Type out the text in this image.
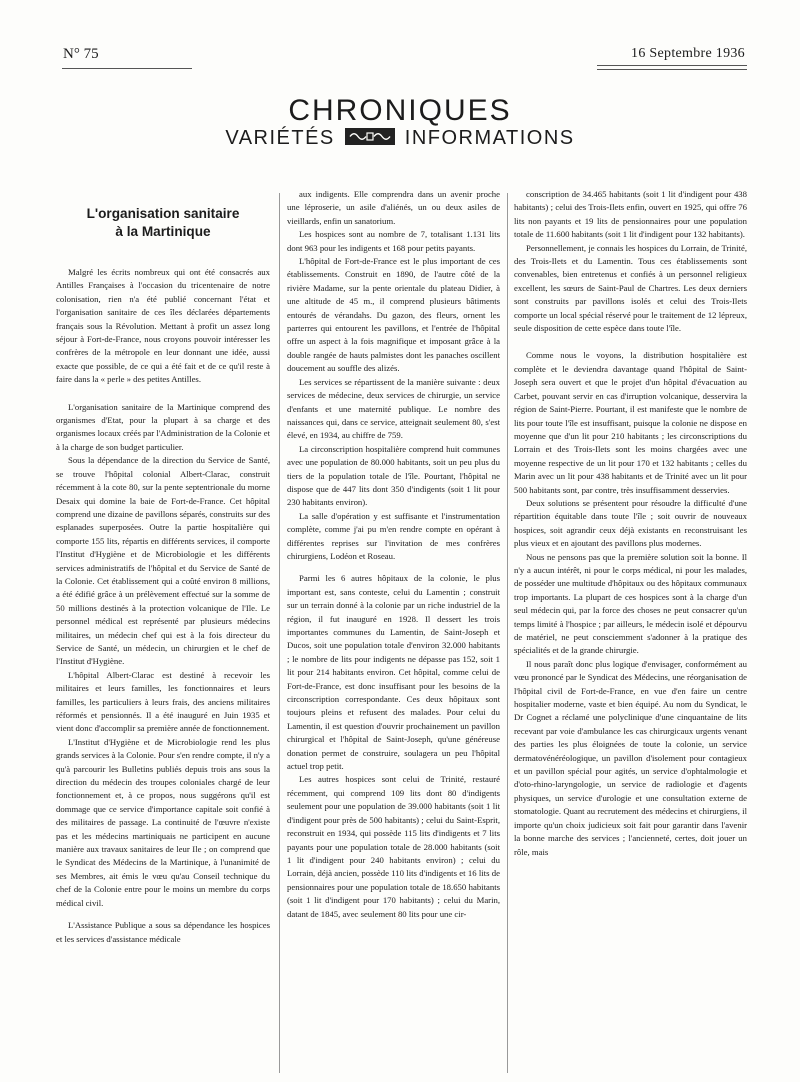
N° 75	16 Septembre 1936
CHRONIQUES
VARIÉTÉS	INFORMATIONS
L'organisation sanitaire
à la Martinique

Malgré les écrits nombreux qui ont été consacrés aux Antilles Françaises à l'occasion du tricentenaire de notre colonisation, rien n'a été publié concernant l'état et l'organisation sanitaire de ces îles déclarées départements français sous la Révolution. Mettant à profit un assez long séjour à Fort-de-France, nous croyons pouvoir intéresser les confrères de la métropole en leur donnant une idée, aussi exacte que possible, de ce qui a été fait et de ce qu'il reste à faire dans la « perle » des petites Antilles.

L'organisation sanitaire de la Martinique comprend des organismes d'Etat, pour la plupart à sa charge et des organismes locaux créés par l'Administration de la Colonie et à la charge de son budget particulier.

Sous la dépendance de la direction du Service de Santé, se trouve l'hôpital colonial Albert-Clarac, construit récemment à la cote 80, sur la pente septentrionale du morne Desaix qui domine la baie de Fort-de-France. Cet hôpital comprend une dizaine de pavillons séparés, construits sur des esplanades superposées. Outre la partie hospitalière qui comporte 155 lits, répartis en différents services, il comporte l'Institut d'Hygiène et de Microbiologie et les différents services administratifs de l'hôpital et du Service de Santé de la Colonie. Cet établissement qui a coûté environ 8 millions, a été édifié grâce à un prélèvement effectué sur la somme de 50 millions destinés à la protection volcanique de l'Ile. Le personnel médical est représenté par plusieurs médecins militaires, un médecin chef qui est à la fois directeur du Service de Santé, un médecin, un chirurgien et le chef de l'Institut d'Hygiène.

L'hôpital Albert-Clarac est destiné à recevoir les militaires et leurs familles, les fonctionnaires et leurs familles, les particuliers à leurs frais, des anciens militaires réformés et pensionnés. Il a été inauguré en Juin 1935 et vient donc d'accomplir sa première année de fonctionnement.

L'Institut d'Hygiène et de Microbiologie rend les plus grands services à la Colonie. Pour s'en rendre compte, il n'y a qu'à parcourir les Bulletins publiés depuis trois ans sous la direction du médecin des troupes coloniales chargé de leur fonctionnement et, à ce propos, nous suggérons qu'il est dommage que ce service d'importance capitale soit confié à des militaires de passage. La continuité de l'œuvre n'existe pas et les médecins martiniquais ne participent en aucune manière aux travaux sanitaires de leur Ile ; on comprend que le Syndicat des Médecins de la Martinique, à l'unanimité de ses Membres, ait émis le vœu qu'au Conseil technique du chef de la Colonie entre pour le moins un membre du corps médical civil.

L'Assistance Publique a sous sa dépendance les hospices et les services d'assistance médicale

aux indigents. Elle comprendra dans un avenir proche une léproserie, un asile d'aliénés, un ou deux asiles de vieillards, enfin un sanatorium.

Les hospices sont au nombre de 7, totalisant 1.131 lits dont 963 pour les indigents et 168 pour petits payants.

L'hôpital de Fort-de-France est le plus important de ces établissements. Construit en 1890, de l'autre côté de la rivière Madame, sur la pente orientale du plateau Didier, à une altitude de 45 m., il comprend plusieurs bâtiments entourés de vérandahs. Du gazon, des fleurs, ornent les parterres qui entourent les pavillons, et l'entrée de l'hôpital offre un aspect à la fois magnifique et imposant grâce à la double rangée de hauts palmistes dont les panaches oscillent doucement au souffle des alizés.

Les services se répartissent de la manière suivante : deux services de médecine, deux services de chirurgie, un service d'enfants et une maternité publique. Le nombre des naissances qui, dans ce service, atteignait seulement 80, s'est élevé, en 1934, au chiffre de 759.

La circonscription hospitalière comprend huit communes avec une population de 80.000 habitants, soit un peu plus du tiers de la population totale de l'île. Pourtant, l'hôpital ne dispose que de 447 lits dont 350 d'indigents (soit 1 lit pour 230 habitants environ).

La salle d'opération y est suffisante et l'instrumentation complète, comme j'ai pu m'en rendre compte en opérant à différentes reprises sur l'invitation de mes confrères chirurgiens, Lodéon et Roseau.

Parmi les 6 autres hôpitaux de la colonie, le plus important est, sans conteste, celui du Lamentin ; construit sur un terrain donné à la colonie par un riche industriel de la région, il fut inauguré en 1928. Il dessert les trois importantes communes du Lamentin, de Saint-Joseph et Ducos, soit une population totale d'environ 32.000 habitants ; le nombre de lits pour indigents ne dépasse pas 152, soit 1 lit pour 214 habitants environ. Cet hôpital, comme celui de Fort-de-France, est donc insuffisant pour les besoins de la circonscription correspondante. Ces deux hôpitaux sont toujours pleins et refusent des malades. Pour celui du Lamentin, il est question d'ouvrir prochainement un pavillon chirurgical et l'hôpital de Saint-Joseph, qu'une généreuse donation permet de construire, soulagera un peu l'hôpital actuel trop petit.

Les autres hospices sont celui de Trinité, restauré récemment, qui comprend 109 lits dont 80 d'indigents seulement pour une population de 39.000 habitants (soit 1 lit d'indigent pour près de 500 habitants) ; celui du Saint-Esprit, reconstruit en 1934, qui possède 115 lits d'indigents et 7 lits payants pour une population totale de 28.000 habitants (soit 1 lit d'indigent pour 240 habitants environ) ; celui du Lorrain, déjà ancien, possède 110 lits d'indigents et 16 lits de pensionnaires pour une population totale de 18.650 habitants (soit 1 lit d'indigent pour 170 habitants) ; celui du Marin, datant de 1845, avec seulement 80 lits pour une cir-

conscription de 34.465 habitants (soit 1 lit d'indigent pour 438 habitants) ; celui des Trois-Ilets enfin, ouvert en 1925, qui offre 76 lits non payants et 19 lits de pensionnaires pour une population totale de 11.600 habitants (soit 1 lit d'indigent pour 132 habitants).

Personnellement, je connais les hospices du Lorrain, de Trinité, des Trois-Ilets et du Lamentin. Tous ces établissements sont convenables, bien entretenus et confiés à un personnel religieux excellent, les sœurs de Saint-Paul de Chartres. Les deux derniers sont construits par pavillons isolés et celui des Trois-Ilets comporte un local spécial réservé pour le traitement de 12 lépreux, seule disposition de cette espèce dans toute l'île.

Comme nous le voyons, la distribution hospitalière est complète et le deviendra davantage quand l'hôpital de Saint-Joseph sera ouvert et que le projet d'un hôpital d'évacuation au Carbet, pouvant servir en cas d'irruption volcanique, desservira la région de Saint-Pierre. Pourtant, il est manifeste que le nombre de lits pour toute l'île est insuffisant, puisque la colonie ne dispose en moyenne que d'un lit pour 210 habitants ; les circonscriptions du Lorrain et des Trois-Ilets sont les moins chargées avec une moyenne respective de un lit pour 170 et 132 habitants ; celles du Marin avec un lit pour 438 habitants et de Trinité avec un lit pour 500 habitants sont, par contre, très insuffisamment desservies.

Deux solutions se présentent pour résoudre la difficulté d'une répartition équitable dans toute l'île ; soit ouvrir de nouveaux hospices, soit agrandir ceux déjà existants en reconstruisant les plus vieux et en ajoutant des pavillons plus modernes.

Nous ne pensons pas que la première solution soit la bonne. Il n'y a aucun intérêt, ni pour le corps médical, ni pour les malades, de posséder une multitude d'hôpitaux ou des hôpitaux communaux trop importants. La plupart de ces hospices sont à la charge d'un seul médecin qui, par la force des choses ne peut consacrer qu'un temps limité à l'hospice ; par ailleurs, le médecin isolé et dépourvu de matériel, ne peut consciemment s'adonner à la pratique des spécialités et de la grande chirurgie.

Il nous paraît donc plus logique d'envisager, conformément au vœu prononcé par le Syndicat des Médecins, une réorganisation de l'hôpital civil de Fort-de-France, en vue d'en faire un centre hospitalier moderne, vaste et bien équipé. Au nom du Syndicat, le Dr Cognet a réclamé une polyclinique d'une cinquantaine de lits recevant par voie d'ambulance les cas chirurgicaux urgents venant des parties les plus éloignées de toute la colonie, un service dermatovénéréologique, un pavillon d'isolement pour contagieux et un pavillon spécial pour agités, un service d'ophtalmologie et d'oto-rhino-laryngologie, un service de radiologie et d'agents physiques, un service d'urologie et une consultation externe de stomatologie. Quant au recrutement des médecins et chirurgiens, il importe qu'un choix judicieux soit fait pour garantir dans l'avenir la bonne marche des services ; l'ancienneté, certes, doit jouer un rôle, mais
